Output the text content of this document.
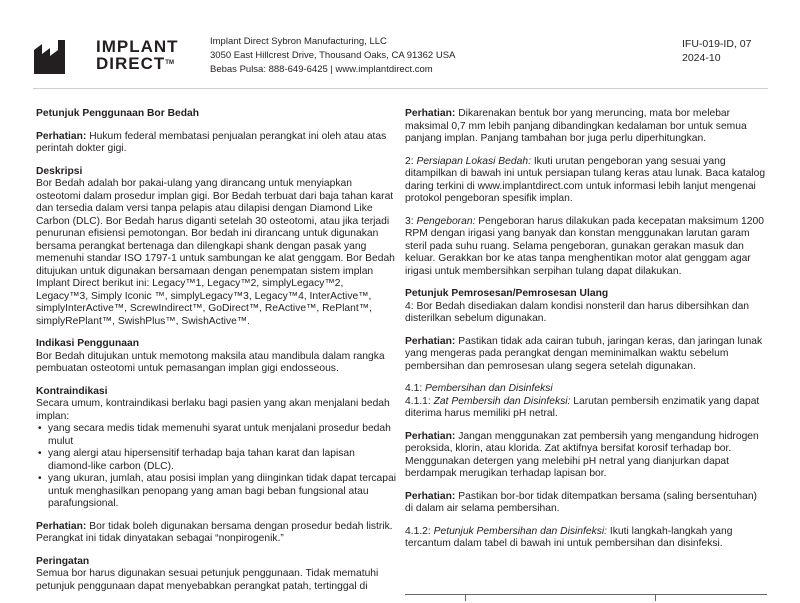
IMPLANT
DIRECT™
Implant Direct Sybron Manufacturing, LLC
3050 East Hillcrest Drive, Thousand Oaks, CA 91362 USA
Bebas Pulsa: 888-649-6425 | www.implantdirect.com
IFU-019-ID, 07
2024-10

Petunjuk Penggunaan Bor Bedah

Perhatian: Hukum federal membatasi penjualan perangkat ini oleh atau atas perintah dokter gigi.

Deskripsi

Bor Bedah adalah bor pakai-ulang yang dirancang untuk menyiapkan osteotomi dalam prosedur implan gigi. Bor Bedah terbuat dari baja tahan karat dan tersedia dalam versi tanpa pelapis atau dilapisi dengan Diamond Like Carbon (DLC). Bor Bedah harus diganti setelah 30 osteotomi, atau jika terjadi penurunan efisiensi pemotongan. Bor bedah ini dirancang untuk digunakan bersama perangkat bertenaga dan dilengkapi shank dengan pasak yang memenuhi standar ISO 1797-1 untuk sambungan ke alat genggam. Bor Bedah ditujukan untuk digunakan bersamaan dengan penempatan sistem implan Implant Direct berikut ini: Legacy™1, Legacy™2, simplyLegacy™2, Legacy™3, Simply Iconic ™, simplyLegacy™3, Legacy™4, InterActive™, simplyInterActive™, ScrewIndirect™, GoDirect™, ReActive™, RePlant™, simplyRePlant™, SwishPlus™, SwishActive™.

Indikasi Penggunaan

Bor Bedah ditujukan untuk memotong maksila atau mandibula dalam rangka pembuatan osteotomi untuk pemasangan implan gigi endosseous.

Kontraindikasi
Secara umum, kontraindikasi berlaku bagi pasien yang akan menjalani bedah implan:
• yang secara medis tidak memenuhi syarat untuk menjalani prosedur bedah mulut
• yang alergi atau hipersensitif terhadap baja tahan karat dan lapisan diamond-like carbon (DLC).
• yang ukuran, jumlah, atau posisi implan yang diinginkan tidak dapat tercapai untuk menghasilkan penopang yang aman bagi beban fungsional atau parafungsional.

Perhatian: Bor tidak boleh digunakan bersama dengan prosedur bedah listrik. Perangkat ini tidak dinyatakan sebagai “nonpirogenik.”

Peringatan

Semua bor harus digunakan sesuai petunjuk penggunaan. Tidak mematuhi petunjuk penggunaan dapat menyebabkan perangkat patah, tertinggal di

Perhatian: Dikarenakan bentuk bor yang meruncing, mata bor melebar maksimal 0,7 mm lebih panjang dibandingkan kedalaman bor untuk semua panjang implan. Panjang tambahan bor juga perlu diperhitungkan.

2: Persiapan Lokasi Bedah: Ikuti urutan pengeboran yang sesuai yang ditampilkan di bawah ini untuk persiapan tulang keras atau lunak. Baca katalog daring terkini di www.implantdirect.com untuk informasi lebih lanjut mengenai protokol pengeboran spesifik implan.

3: Pengeboran: Pengeboran harus dilakukan pada kecepatan maksimum 1200 RPM dengan irigasi yang banyak dan konstan menggunakan larutan garam steril pada suhu ruang. Selama pengeboran, gunakan gerakan masuk dan keluar. Gerakkan bor ke atas tanpa menghentikan motor alat genggam agar irigasi untuk membersihkan serpihan tulang dapat dilakukan.

Petunjuk Pemrosesan/Pemrosesan Ulang

4: Bor Bedah disediakan dalam kondisi nonsteril dan harus dibersihkan dan disterilkan sebelum digunakan.

Perhatian: Pastikan tidak ada cairan tubuh, jaringan keras, dan jaringan lunak yang mengeras pada perangkat dengan meminimalkan waktu sebelum pembersihan dan pemrosesan ulang segera setelah digunakan.

4.1: Pembersihan dan Disinfeksi

4.1.1: Zat Pembersih dan Disinfeksi: Larutan pembersih enzimatik yang dapat diterima harus memiliki pH netral.

Perhatian: Jangan menggunakan zat pembersih yang mengandung hidrogen peroksida, klorin, atau klorida. Zat aktifnya bersifat korosif terhadap bor. Menggunakan detergen yang melebihi pH netral yang dianjurkan dapat berdampak merugikan terhadap lapisan bor.

Perhatian: Pastikan bor-bor tidak ditempatkan bersama (saling bersentuhan) di dalam air selama pembersihan.

4.1.2: Petunjuk Pembersihan dan Disinfeksi: Ikuti langkah-langkah yang tercantum dalam tabel di bawah ini untuk pembersihan dan disinfeksi.
